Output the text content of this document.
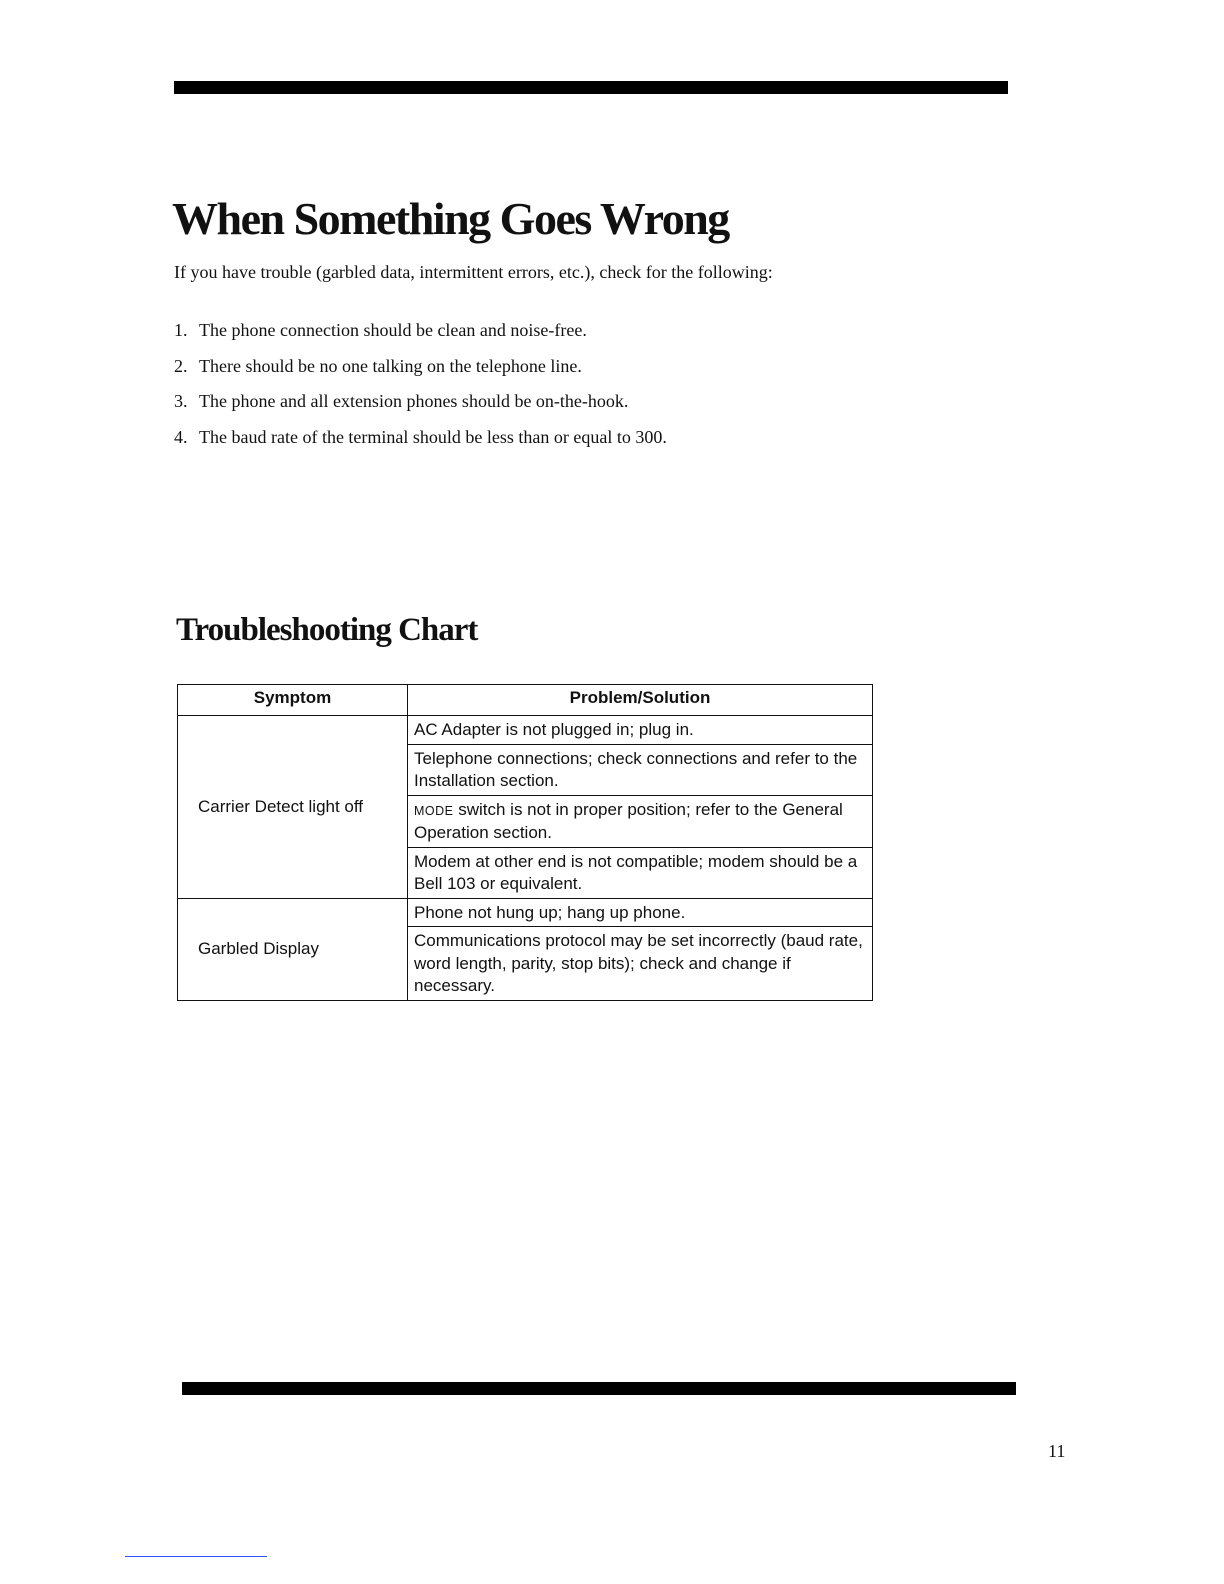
When Something Goes Wrong

If you have trouble (garbled data, intermittent errors, etc.), check for the following:

1. The phone connection should be clean and noise-free.
2. There should be no one talking on the telephone line.
3. The phone and all extension phones should be on-the-hook.
4. The baud rate of the terminal should be less than or equal to 300.
Troubleshooting Chart
Symptom	Problem/Solution
Carrier Detect light off	AC Adapter is not plugged in; plug in.
	Telephone connections; check connections and refer to the Installation section.
	MODE switch is not in proper position; refer to the General Operation section.
	Modem at other end is not compatible; modem should be a Bell 103 or equivalent.
Garbled Display	Phone not hung up; hang up phone.
	Communications protocol may be set incorrectly (baud rate, word length, parity, stop bits); check and change if necessary.
11
